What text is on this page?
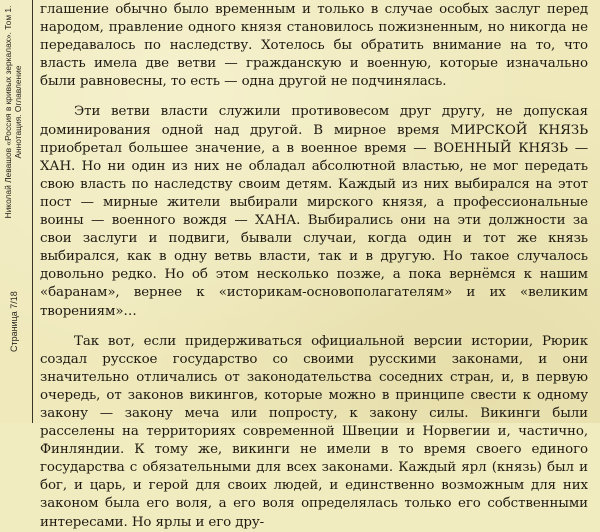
Николай Левашов «Россия в кривых зеркалах». Том 1. Аннотация. Оглавление
Страница 7/18

глашение обычно было временным и только в случае особых заслуг перед народом, правление одного князя становилось пожизненным, но никогда не передавалось по наследству. Хотелось бы обратить внимание на то, что власть имела две ветви — гражданскую и военную, которые изначально были равновесны, то есть — одна другой не подчинялась.

Эти ветви власти служили противовесом друг другу, не допуская доминирования одной над другой. В мирное время МИРСКОЙ КНЯЗЬ приобретал большее значение, а в военное время — ВОЕННЫЙ КНЯЗЬ — ХАН. Но ни один из них не обладал абсолютной властью, не мог передать свою власть по наследству своим детям. Каждый из них выбирался на этот пост — мирные жители выбирали мирского князя, а профессиональные воины — военного вождя — ХАНА. Выбирались они на эти должности за свои заслуги и подвиги, бывали случаи, когда один и тот же князь выбирался, как в одну ветвь власти, так и в другую. Но такое случалось довольно редко. Но об этом несколько позже, а пока вернёмся к нашим «баранам», вернее к «историкам-основополагателям» и их «великим творениям»…

Так вот, если придерживаться официальной версии истории, Рюрик создал русское государство со своими русскими законами, и они значительно отличались от законодательства соседних стран, и, в первую очередь, от законов викингов, которые можно в принципе свести к одному закону — закону меча или попросту, к закону силы. Викинги были расселены на территориях современной Швеции и Норвегии и, частично, Финляндии. К тому же, викинги не имели в то время своего единого государства с обязательными для всех законами. Каждый ярл (князь) был и бог, и царь, и герой для своих людей, и единственно возможным для них законом была его воля, а его воля определялась только его собственными интересами. Но ярлы и его дру-
